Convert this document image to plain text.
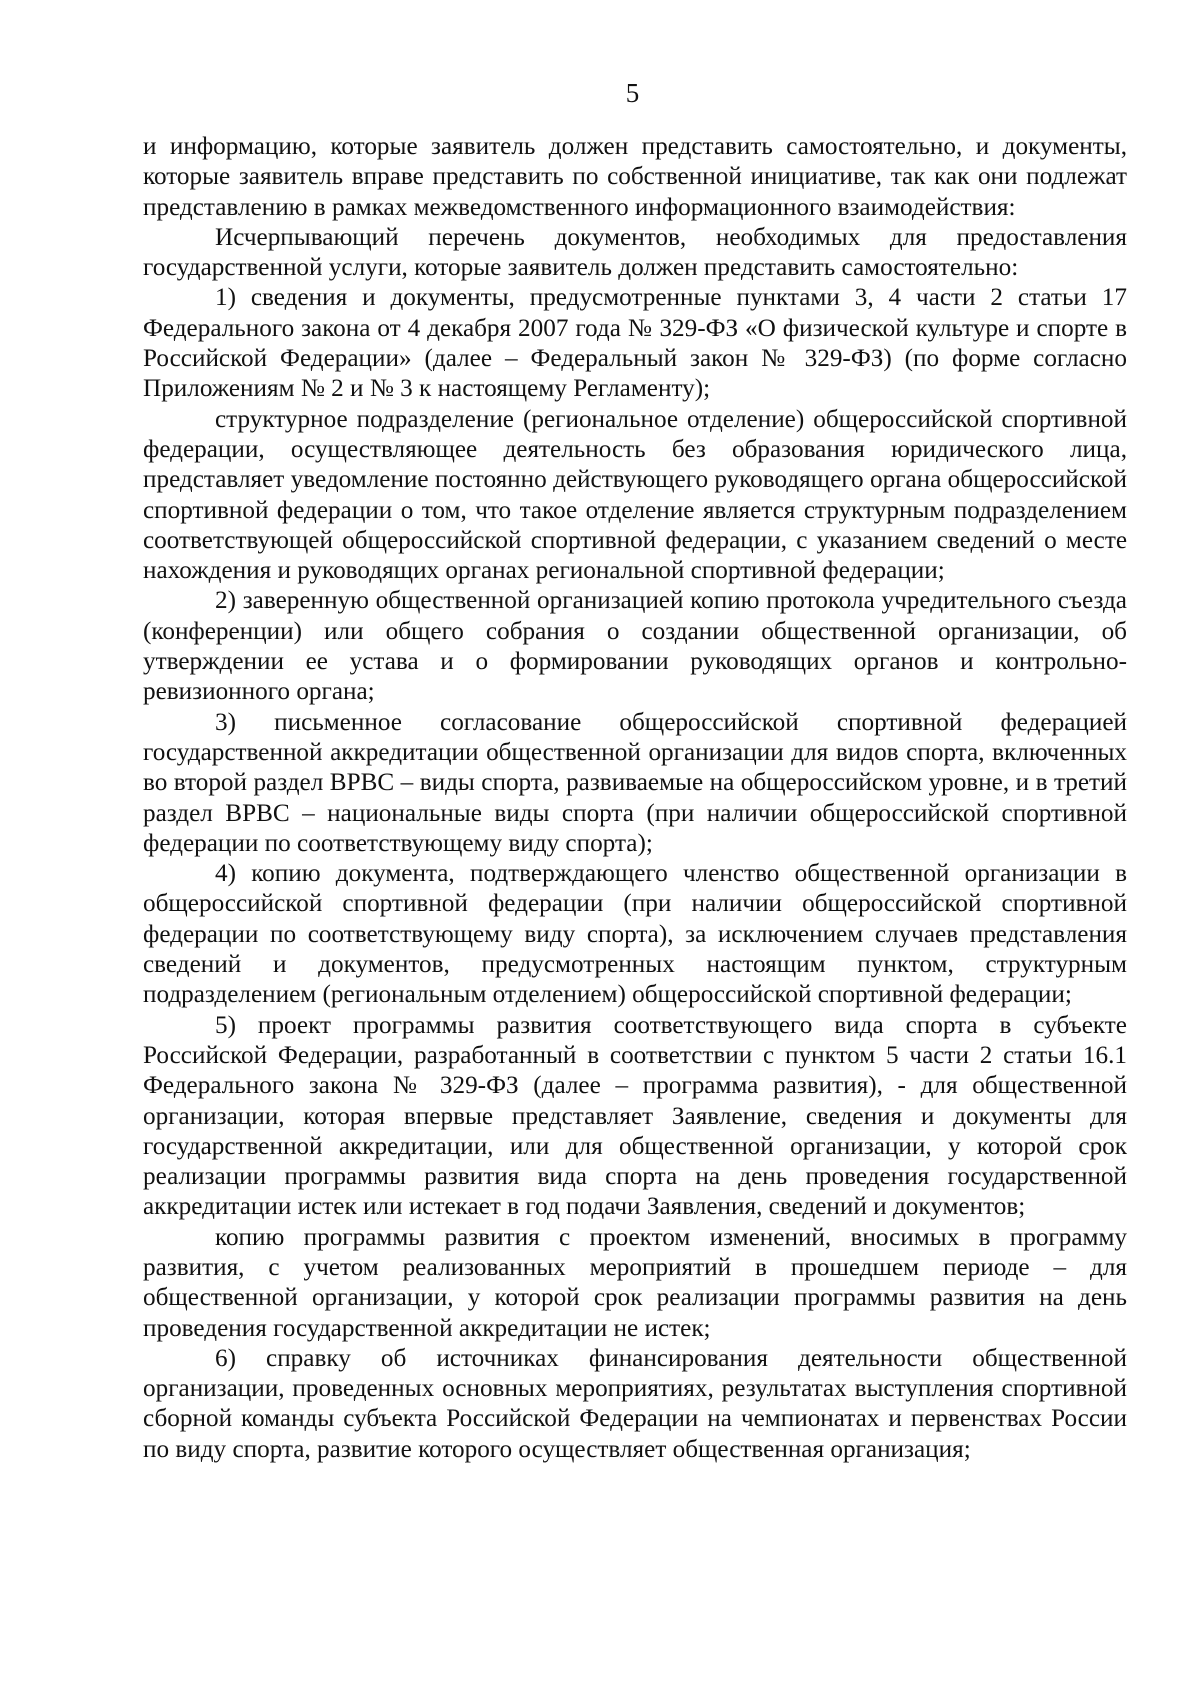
5

и информацию, которые заявитель должен представить самостоятельно, и документы, которые заявитель вправе представить по собственной инициативе, так как они подлежат представлению в рамках межведомственного информационного взаимодействия:

Исчерпывающий перечень документов, необходимых для предоставления государственной услуги, которые заявитель должен представить самостоятельно:

1) сведения и документы, предусмотренные пунктами 3, 4 части 2 статьи 17 Федерального закона от 4 декабря 2007 года № 329-ФЗ «О физической культуре и спорте в Российской Федерации» (далее – Федеральный закон № 329-ФЗ) (по форме согласно Приложениям № 2 и № 3 к настоящему Регламенту);

структурное подразделение (региональное отделение) общероссийской спортивной федерации, осуществляющее деятельность без образования юридического лица, представляет уведомление постоянно действующего руководящего органа общероссийской спортивной федерации о том, что такое отделение является структурным подразделением соответствующей общероссийской спортивной федерации, с указанием сведений о месте нахождения и руководящих органах региональной спортивной федерации;

2) заверенную общественной организацией копию протокола учредительного съезда (конференции) или общего собрания о создании общественной организации, об утверждении ее устава и о формировании руководящих органов и контрольно-ревизионного органа;

3) письменное согласование общероссийской спортивной федерацией государственной аккредитации общественной организации для видов спорта, включенных во второй раздел ВРВС – виды спорта, развиваемые на общероссийском уровне, и в третий раздел ВРВС – национальные виды спорта (при наличии общероссийской спортивной федерации по соответствующему виду спорта);

4) копию документа, подтверждающего членство общественной организации в общероссийской спортивной федерации (при наличии общероссийской спортивной федерации по соответствующему виду спорта), за исключением случаев представления сведений и документов, предусмотренных настоящим пунктом, структурным подразделением (региональным отделением) общероссийской спортивной федерации;

5) проект программы развития соответствующего вида спорта в субъекте Российской Федерации, разработанный в соответствии с пунктом 5 части 2 статьи 16.1 Федерального закона № 329-ФЗ (далее – программа развития), - для общественной организации, которая впервые представляет Заявление, сведения и документы для государственной аккредитации, или для общественной организации, у которой срок реализации программы развития вида спорта на день проведения государственной аккредитации истек или истекает в год подачи Заявления, сведений и документов;

копию программы развития с проектом изменений, вносимых в программу развития, с учетом реализованных мероприятий в прошедшем периоде – для общественной организации, у которой срок реализации программы развития на день проведения государственной аккредитации не истек;

6) справку об источниках финансирования деятельности общественной организации, проведенных основных мероприятиях, результатах выступления спортивной сборной команды субъекта Российской Федерации на чемпионатах и первенствах России по виду спорта, развитие которого осуществляет общественная организация;
